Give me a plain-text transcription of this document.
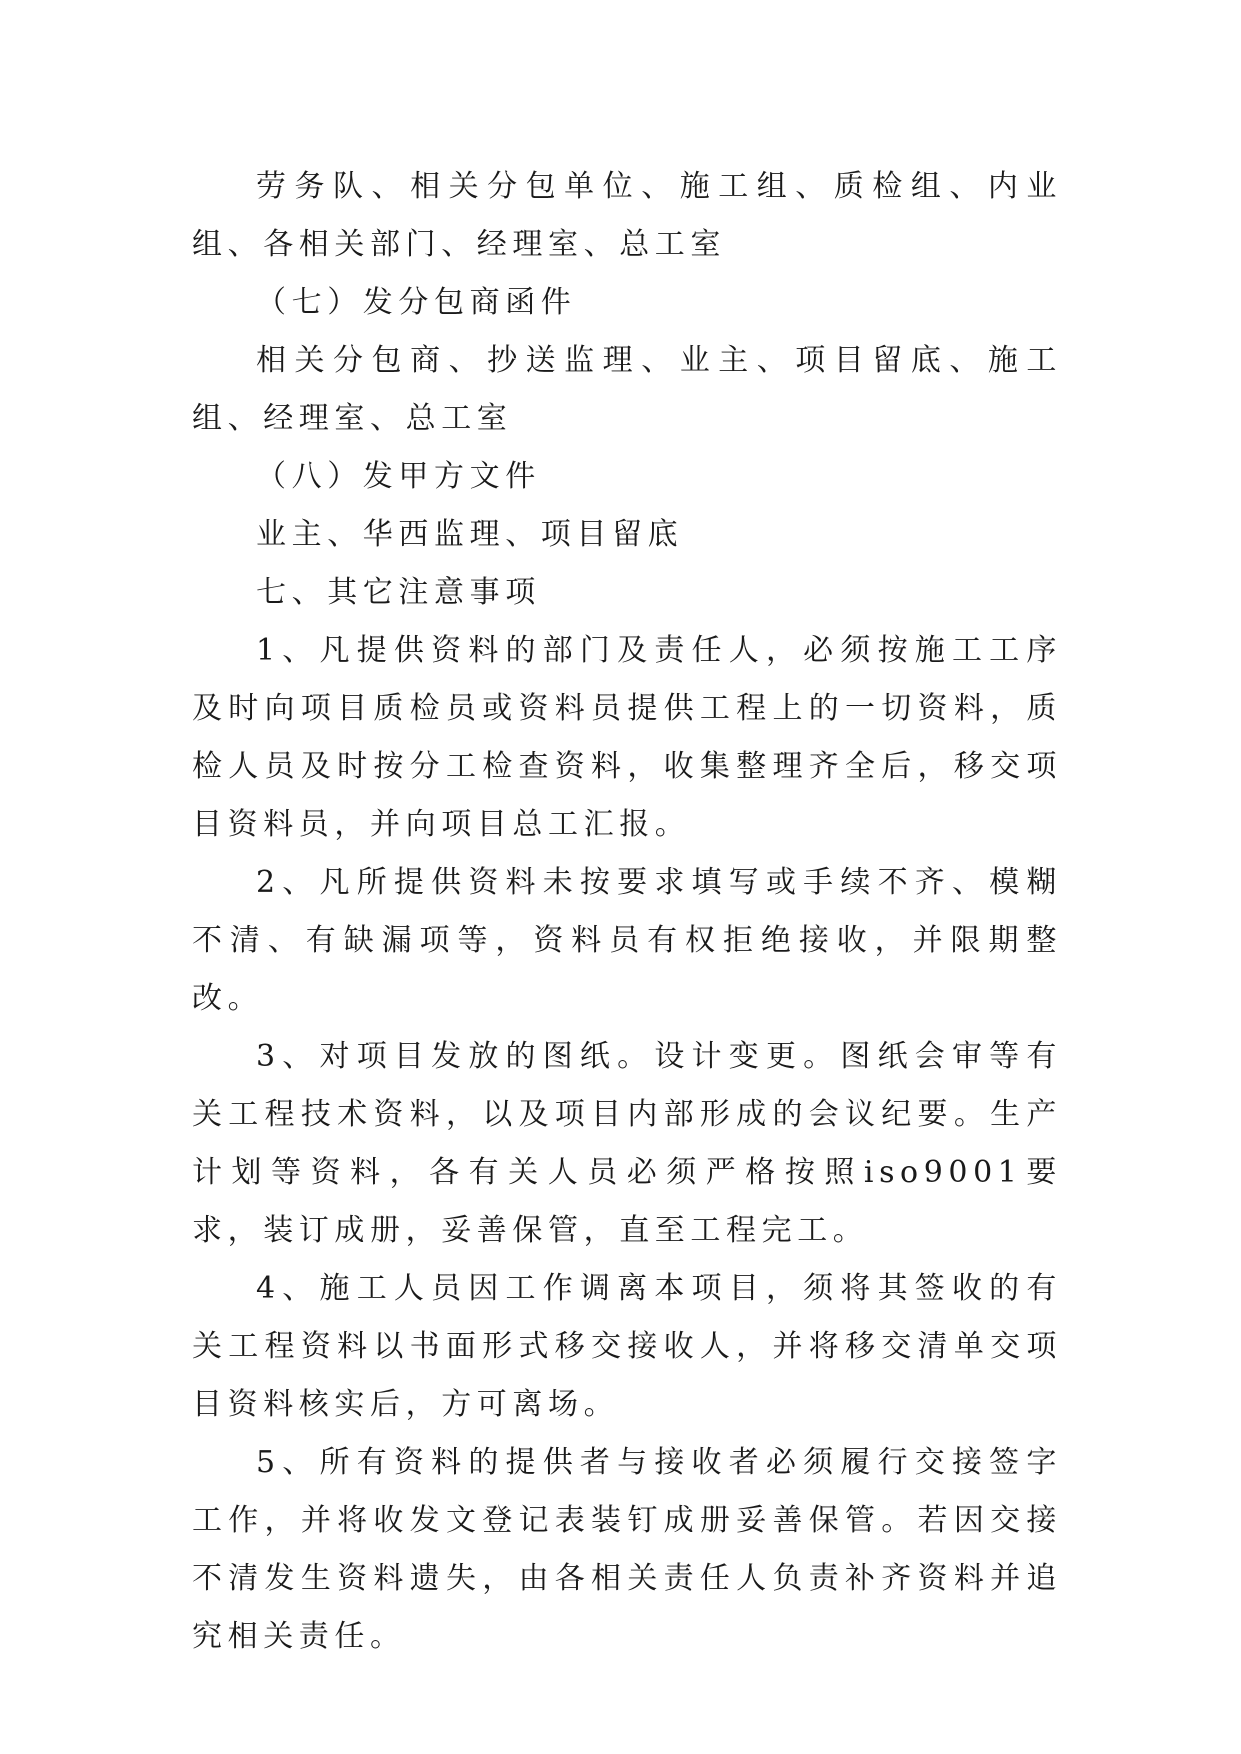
劳务队、相关分包单位、施工组、质检组、内业组、各相关部门、经理室、总工室

（七）发分包商函件

相关分包商、抄送监理、业主、项目留底、施工组、经理室、总工室

（八）发甲方文件

业主、华西监理、项目留底

七、其它注意事项

1、凡提供资料的部门及责任人，必须按施工工序及时向项目质检员或资料员提供工程上的一切资料，质检人员及时按分工检查资料，收集整理齐全后，移交项目资料员，并向项目总工汇报。

2、凡所提供资料未按要求填写或手续不齐、模糊不清、有缺漏项等，资料员有权拒绝接收，并限期整改。

3、对项目发放的图纸。设计变更。图纸会审等有关工程技术资料，以及项目内部形成的会议纪要。生产计划等资料，各有关人员必须严格按照iso9001要求，装订成册，妥善保管，直至工程完工。

4、施工人员因工作调离本项目，须将其签收的有关工程资料以书面形式移交接收人，并将移交清单交项目资料核实后，方可离场。

5、所有资料的提供者与接收者必须履行交接签字工作，并将收发文登记表装钉成册妥善保管。若因交接不清发生资料遗失，由各相关责任人负责补齐资料并追究相关责任。
